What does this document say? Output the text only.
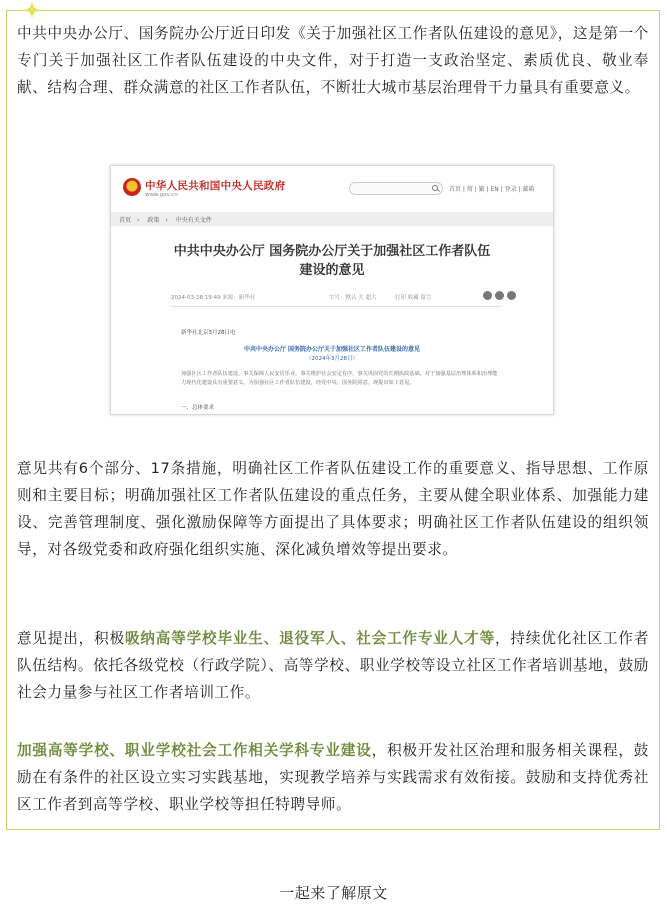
中共中央办公厅、国务院办公厅近日印发《关于加强社区工作者队伍建设的意见》，这是第一个专门关于加强社区工作者队伍建设的中央文件，对于打造一支政治坚定、素质优良、敬业奉献、结构合理、群众满意的社区工作者队伍，不断壮大城市基层治理骨干力量具有重要意义。

中华人民共和国中央人民政府
www.gov.cn
首页 | 简 | 繁 | EN | 登录 | 邮箱
首页 › 政策 › 中央有关文件
中共中央办公厅 国务院办公厅关于加强社区工作者队伍
建设的意见
2024-03-28 19:49 来源：新华社	字号：默认 大 超大	打印 收藏 留言
新华社北京3月28日电
中共中央办公厅 国务院办公厅关于加强社区工作者队伍建设的意见
（2024年3月28日）
加强社区工作者队伍建设，事关保障人民安居乐业，事关维护社会安定有序，事关巩固党的长期执政基础。对于加强基层治理体系和治理能力现代化建设具有重要意义。为加强社区工作者队伍建设，经党中央、国务院同意，现提出如下意见。
一、总体要求

意见共有6个部分、17条措施，明确社区工作者队伍建设工作的重要意义、指导思想、工作原则和主要目标；明确加强社区工作者队伍建设的重点任务，主要从健全职业体系、加强能力建设、完善管理制度、强化激励保障等方面提出了具体要求；明确社区工作者队伍建设的组织领导，对各级党委和政府强化组织实施、深化减负增效等提出要求。

意见提出，积极吸纳高等学校毕业生、退役军人、社会工作专业人才等，持续优化社区工作者队伍结构。依托各级党校（行政学院）、高等学校、职业学校等设立社区工作者培训基地，鼓励社会力量参与社区工作者培训工作。

加强高等学校、职业学校社会工作相关学科专业建设，积极开发社区治理和服务相关课程，鼓励在有条件的社区设立实习实践基地，实现教学培养与实践需求有效衔接。鼓励和支持优秀社区工作者到高等学校、职业学校等担任特聘导师。

一起来了解原文
